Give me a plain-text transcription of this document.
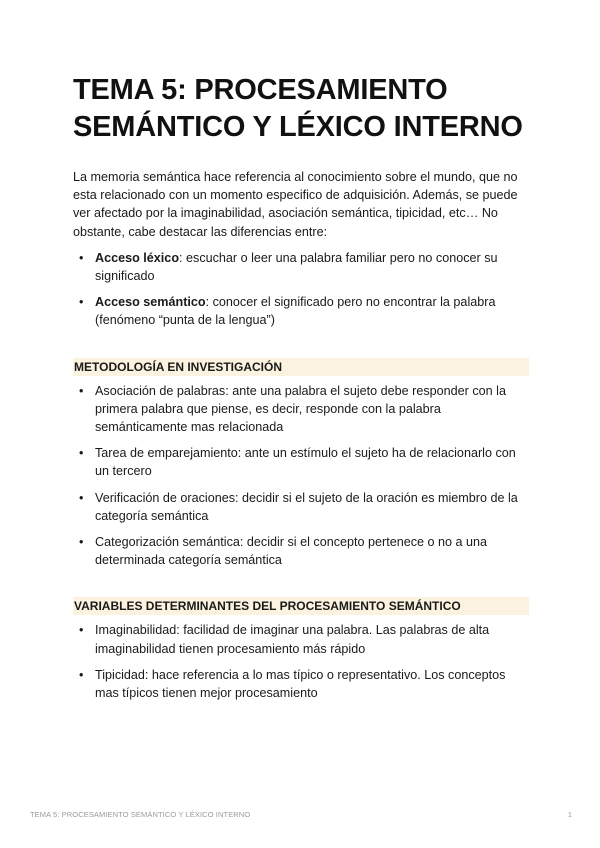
TEMA 5: PROCESAMIENTO SEMÁNTICO Y LÉXICO INTERNO

La memoria semántica hace referencia al conocimiento sobre el mundo, que no esta relacionado con un momento especifico de adquisición. Además, se puede ver afectado por la imaginabilidad, asociación semántica, tipicidad, etc… No obstante, cabe destacar las diferencias entre:

• Acceso léxico: escuchar o leer una palabra familiar pero no conocer su significado
• Acceso semántico: conocer el significado pero no encontrar la palabra (fenómeno “punta de la lengua”)
METODOLOGÍA EN INVESTIGACIÓN
• Asociación de palabras: ante una palabra el sujeto debe responder con la primera palabra que piense, es decir, responde con la palabra semánticamente mas relacionada
• Tarea de emparejamiento: ante un estímulo el sujeto ha de relacionarlo con un tercero
• Verificación de oraciones: decidir si el sujeto de la oración es miembro de la categoría semántica
• Categorización semántica: decidir si el concepto pertenece o no a una determinada categoría semántica
VARIABLES DETERMINANTES DEL PROCESAMIENTO SEMÁNTICO
• Imaginabilidad: facilidad de imaginar una palabra. Las palabras de alta imaginabilidad tienen procesamiento más rápido
• Tipicidad: hace referencia a lo mas típico o representativo. Los conceptos mas típicos tienen mejor procesamiento
TEMA 5: PROCESAMIENTO SEMÁNTICO Y LÉXICO INTERNO	1
